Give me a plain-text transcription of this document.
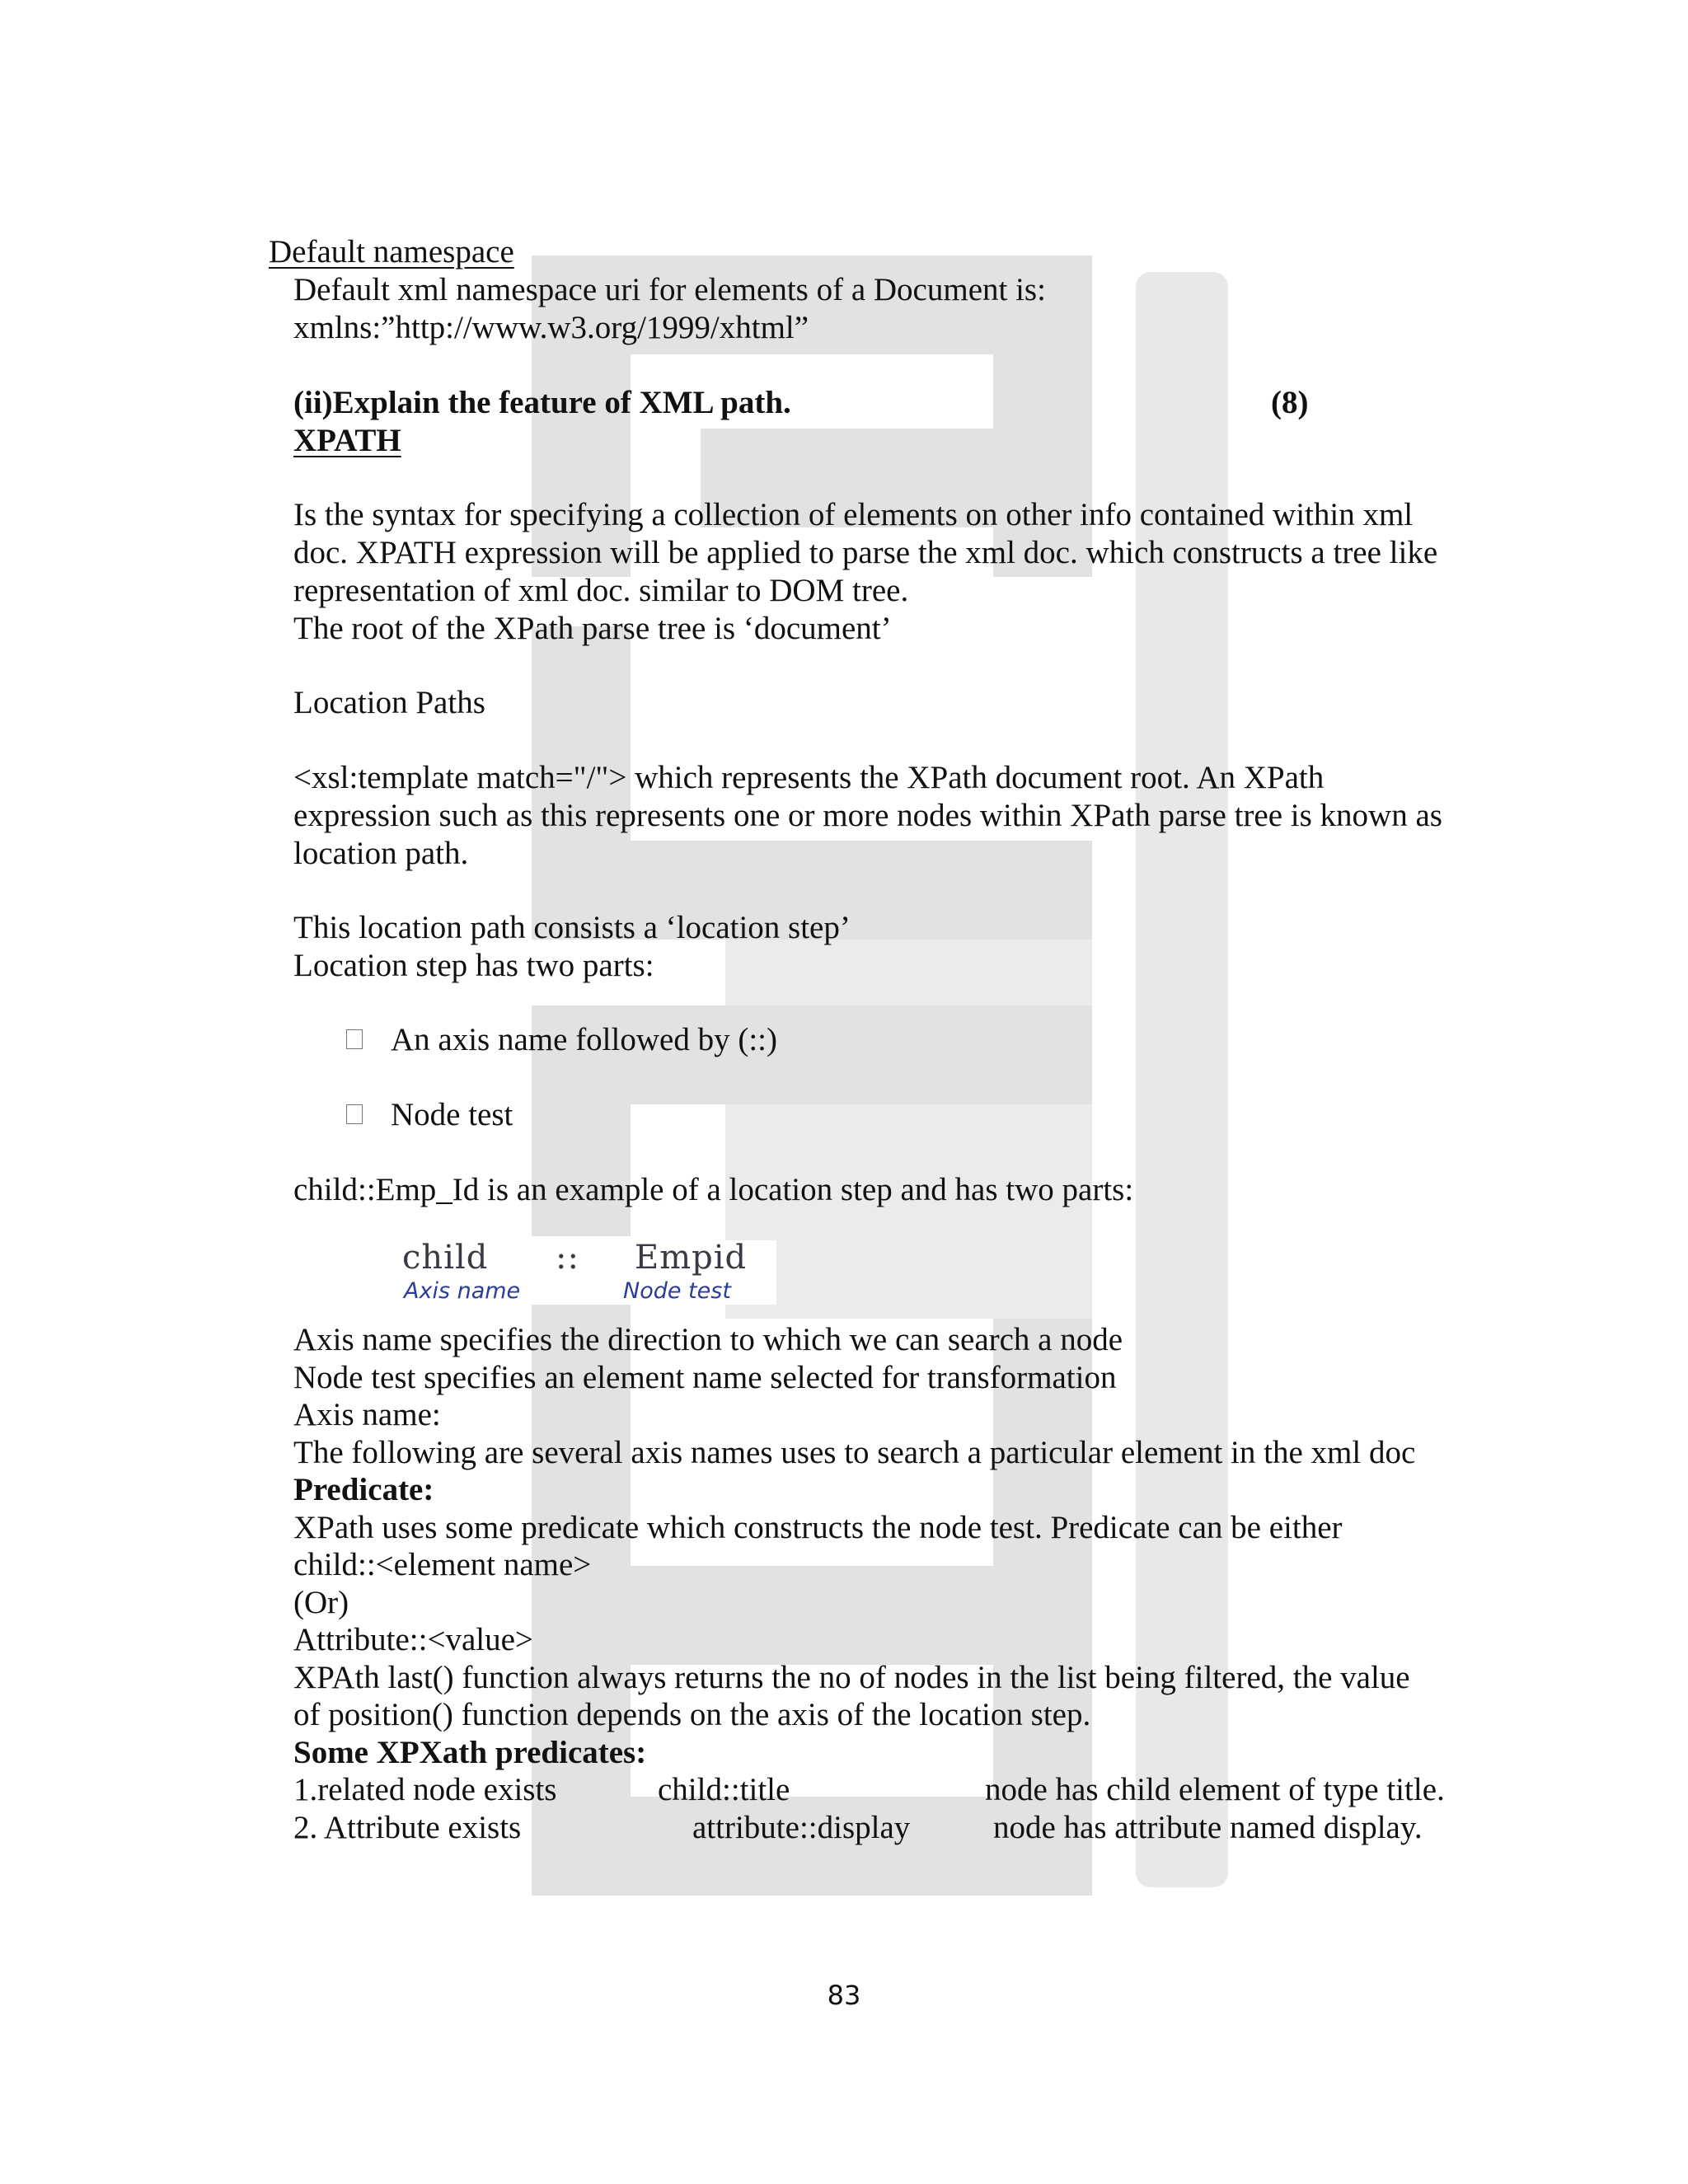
Default namespace
Default xml namespace uri for elements of a Document is:
xmlns:”http://www.w3.org/1999/xhtml”
(ii)Explain the feature of XML path.	(8)
XPATH
Is the syntax for specifying a collection of elements on other info contained within xml
doc. XPATH expression will be applied to parse the xml doc. which constructs a tree like
representation of xml doc. similar to DOM tree.
The root of the XPath parse tree is ‘document’
Location Paths
<xsl:template match="/"> which represents the XPath document root. An XPath
expression such as this represents one or more nodes within XPath parse tree is known as
location path.
This location path consists a ‘location step’
Location step has two parts:
An axis name followed by (::)
Node test
child::Emp_Id is an example of a location step and has two parts:
child :: Empid
Axis name	Node test
Axis name specifies the direction to which we can search a node
Node test specifies an element name selected for transformation
Axis name:
The following are several axis names uses to search a particular element in the xml doc
Predicate:
XPath uses some predicate which constructs the node test. Predicate can be either
child::<element name>
(Or)
Attribute::<value>
XPAth last() function always returns the no of nodes in the list being filtered, the value
of position() function depends on the axis of the location step.
Some XPXath predicates:
1.related node exists	child::title	node has child element of type title.
2. Attribute exists	attribute::display	node has attribute named display.
83
